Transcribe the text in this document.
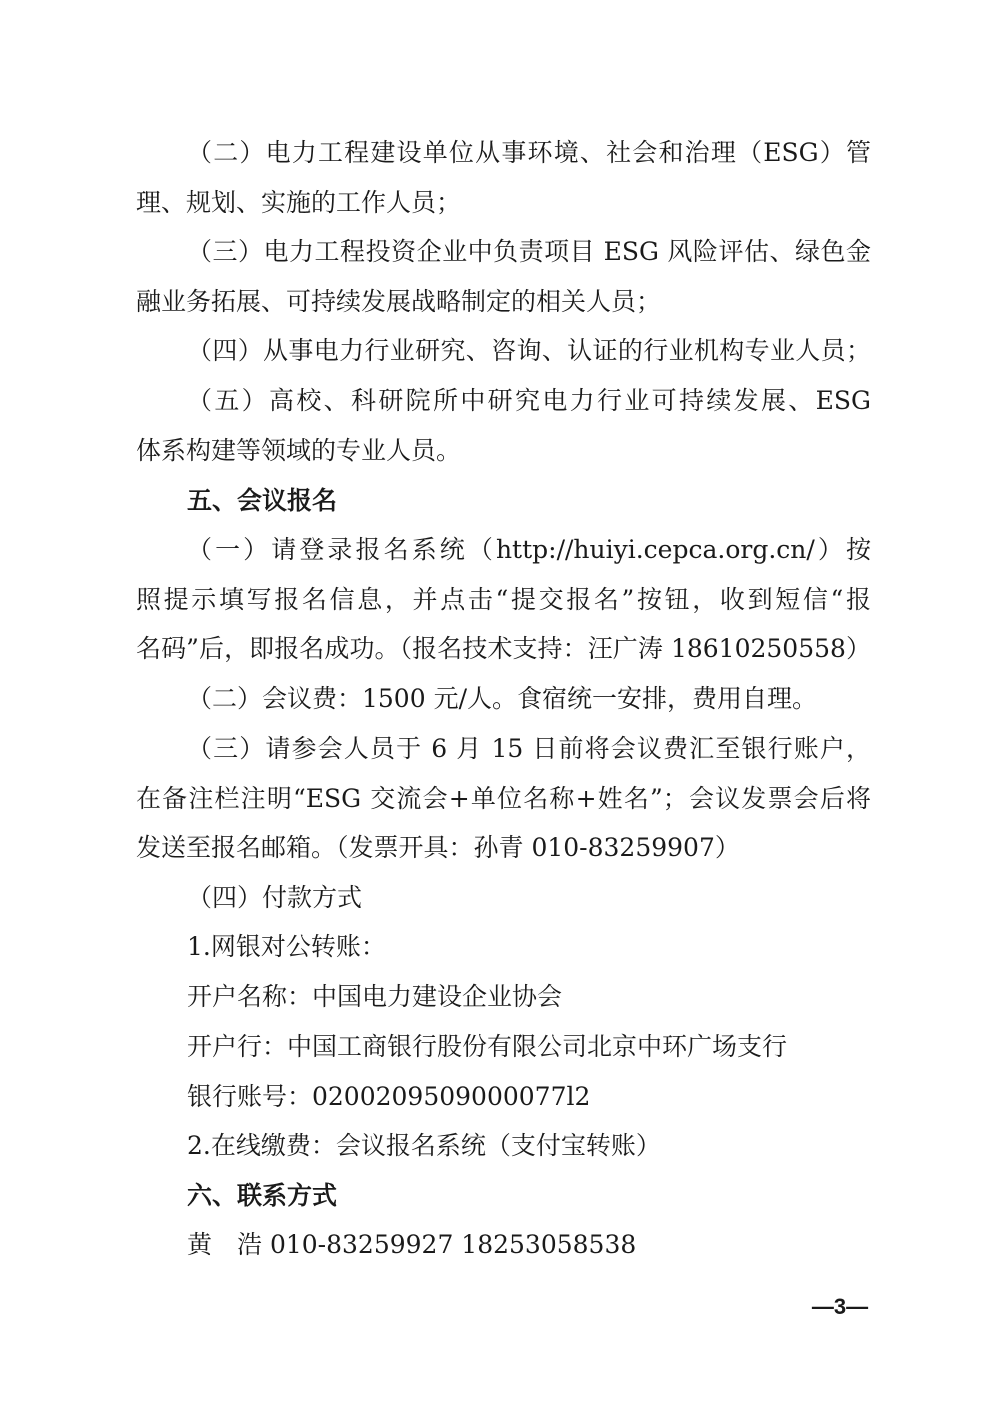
（二）电力工程建设单位从事环境、社会和治理（ESG）管
理、规划、实施的工作人员；
（三）电力工程投资企业中负责项目 ESG 风险评估、绿色金
融业务拓展、可持续发展战略制定的相关人员；
（四）从事电力行业研究、咨询、认证的行业机构专业人员；
（五）高校、科研院所中研究电力行业可持续发展、ESG
体系构建等领域的专业人员。
五、会议报名
（一）请登录报名系统（http://huiyi.cepca.org.cn/）按
照提示填写报名信息，并点击“提交报名”按钮，收到短信“报
名码”后，即报名成功。（报名技术支持：汪广涛 18610250558）
（二）会议费：1500 元/人。食宿统一安排，费用自理。
（三）请参会人员于 6 月 15 日前将会议费汇至银行账户，
在备注栏注明“ESG 交流会+单位名称+姓名”；会议发票会后将
发送至报名邮箱。（发票开具：孙青 010-83259907）
（四）付款方式
1.网银对公转账：
开户名称：中国电力建设企业协会
开户行：中国工商银行股份有限公司北京中环广场支行
银行账号：0200209509000077l2
2.在线缴费：会议报名系统（支付宝转账）
六、联系方式
黄　浩 010-83259927 18253058538
—3—
